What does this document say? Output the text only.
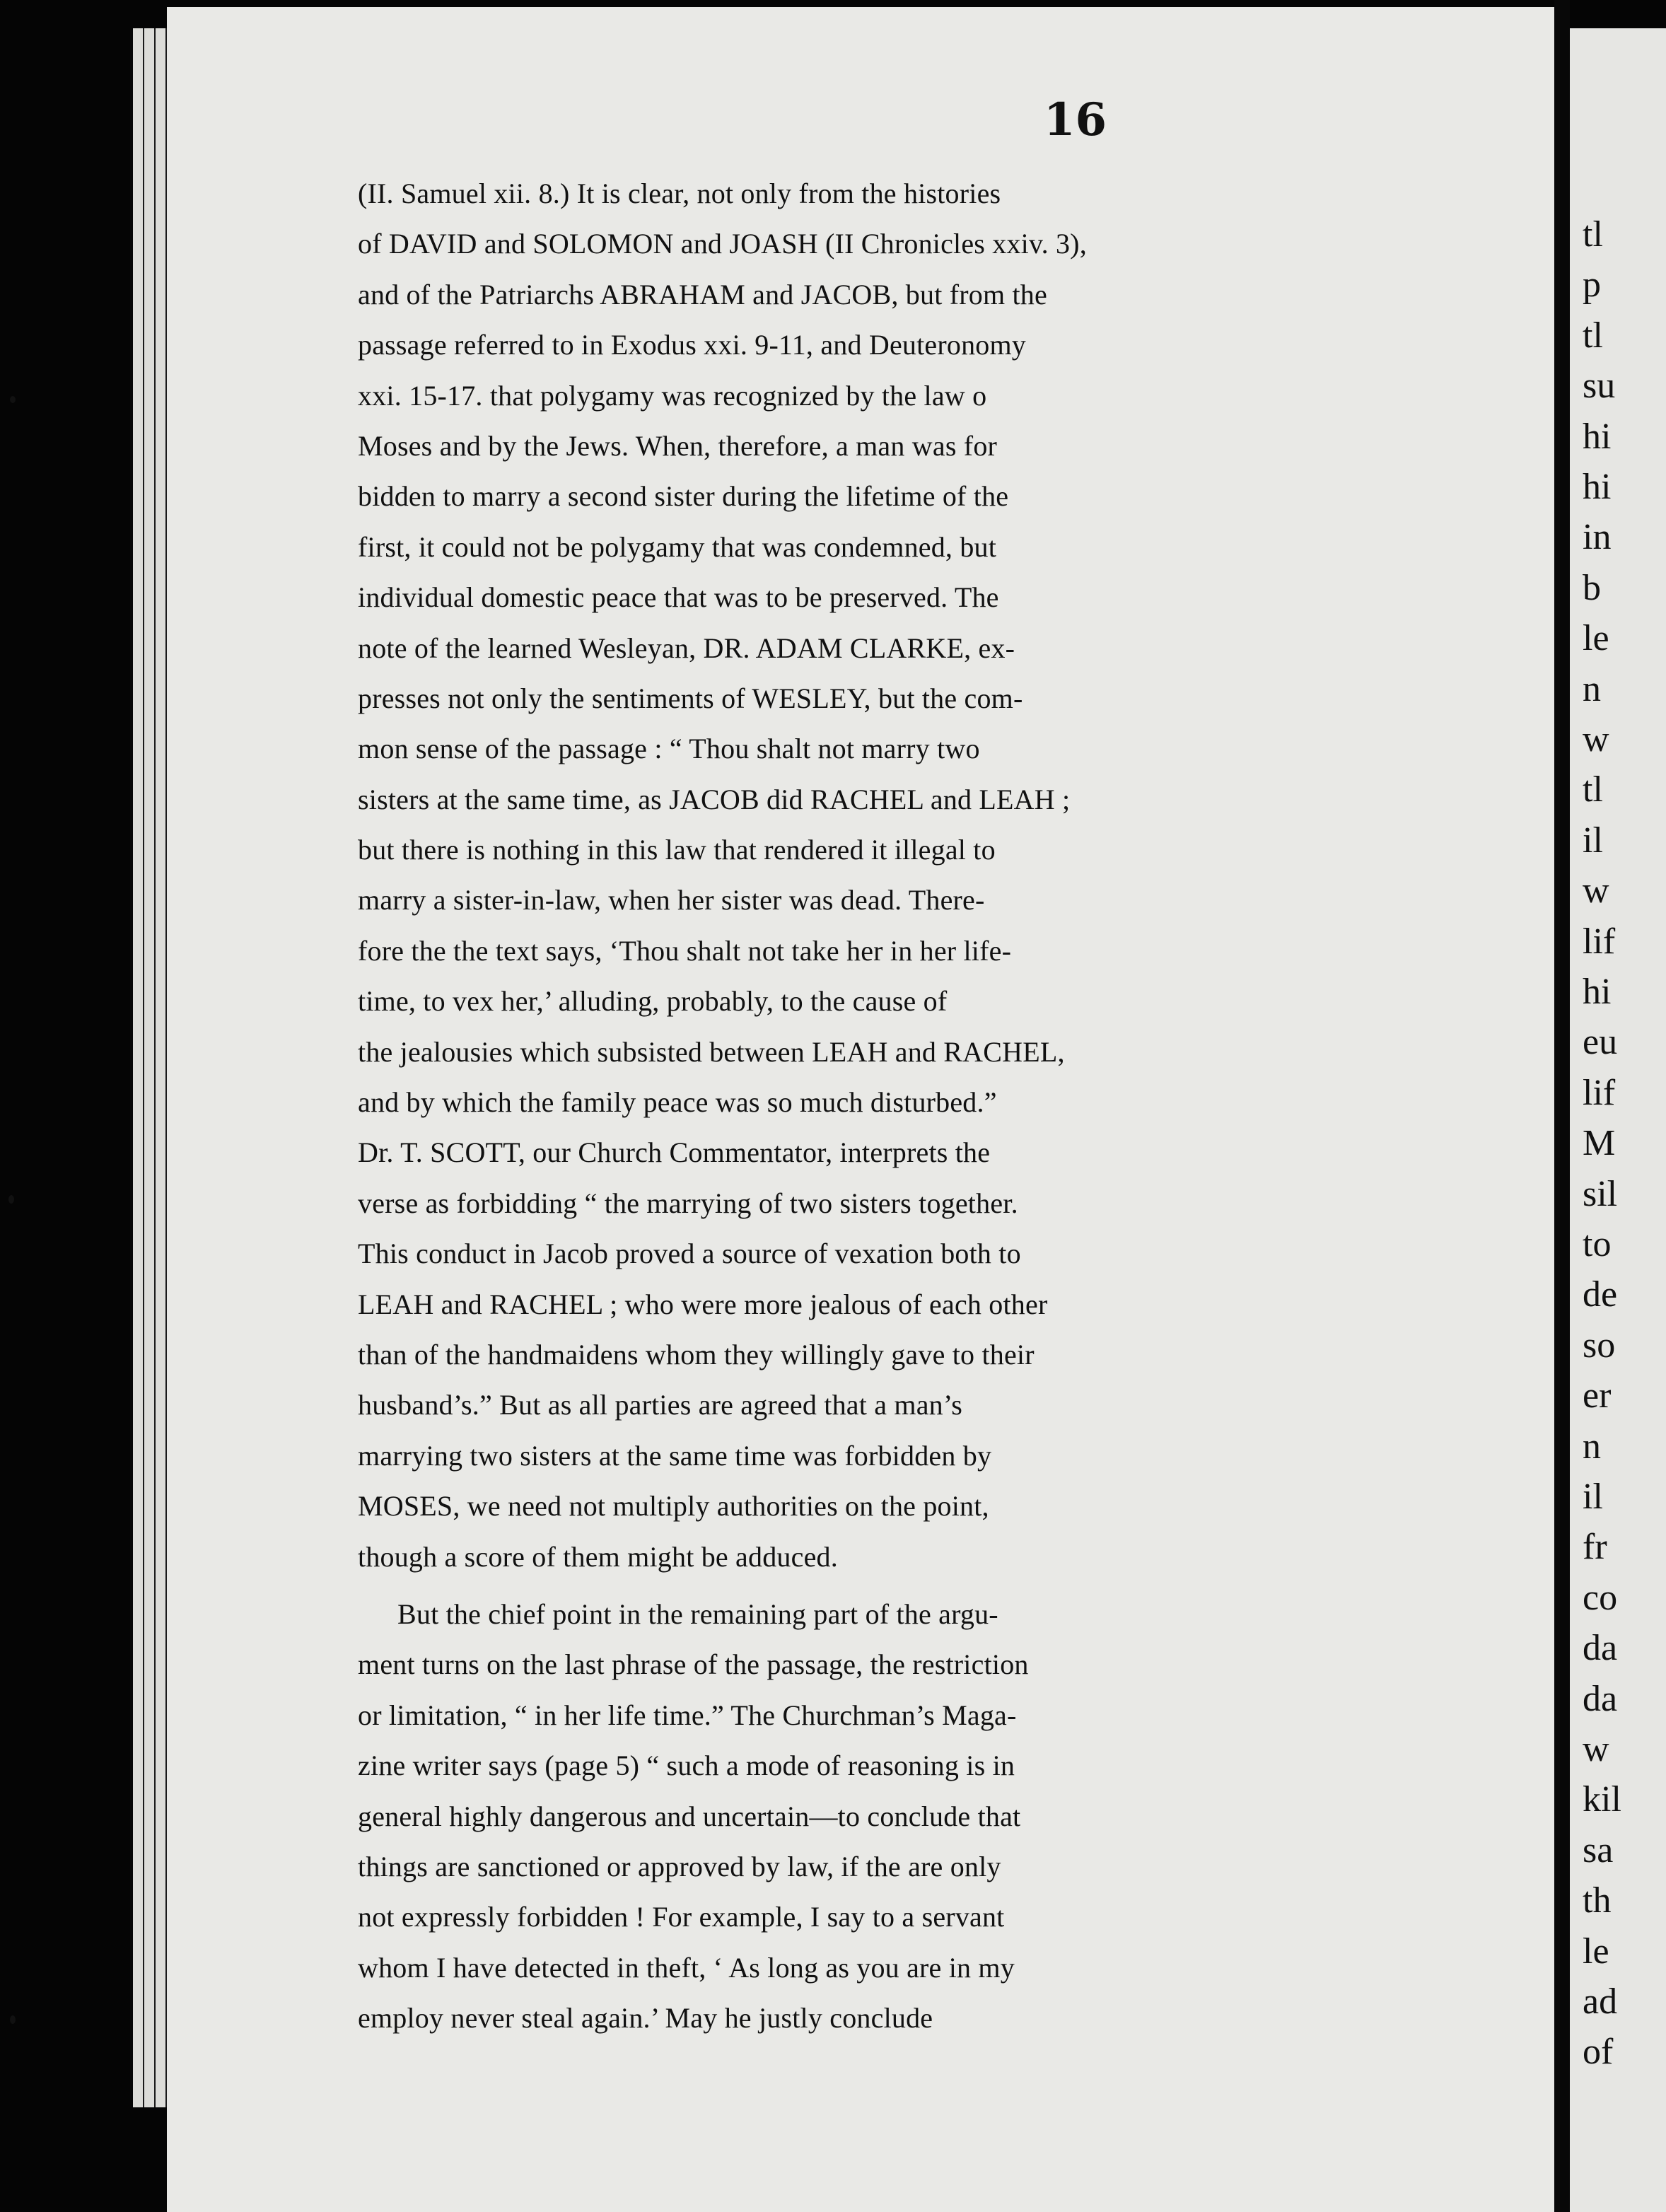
16
(II. Samuel xii. 8.) It is clear, not only from the histories
of DAVID and SOLOMON and JOASH (II Chronicles xxiv. 3),
and of the Patriarchs ABRAHAM and JACOB, but from the
passage referred to in Exodus xxi. 9-11, and Deuteronomy
xxi. 15-17. that polygamy was recognized by the law o
Moses and by the Jews. When, therefore, a man was for
bidden to marry a second sister during the lifetime of the
first, it could not be polygamy that was condemned, but
individual domestic peace that was to be preserved. The
note of the learned Wesleyan, DR. ADAM CLARKE, ex-
presses not only the sentiments of WESLEY, but the com-
mon sense of the passage : “ Thou shalt not marry two
sisters at the same time, as JACOB did RACHEL and LEAH ;
but there is nothing in this law that rendered it illegal to
marry a sister-in-law, when her sister was dead. There-
fore the the text says, ‘Thou shalt not take her in her life-
time, to vex her,’ alluding, probably, to the cause of
the jealousies which subsisted between LEAH and RACHEL,
and by which the family peace was so much disturbed.”
Dr. T. SCOTT, our Church Commentator, interprets the
verse as forbidding “ the marrying of two sisters together.
This conduct in Jacob proved a source of vexation both to
LEAH and RACHEL ; who were more jealous of each other
than of the handmaidens whom they willingly gave to their
husband’s.” But as all parties are agreed that a man’s
marrying two sisters at the same time was forbidden by
MOSES, we need not multiply authorities on the point,
though a score of them might be adduced.
But the chief point in the remaining part of the argu-
ment turns on the last phrase of the passage, the restriction
or limitation, “ in her life time.” The Churchman’s Maga-
zine writer says (page 5) “ such a mode of reasoning is in
general highly dangerous and uncertain—to conclude that
things are sanctioned or approved by law, if the are only
not expressly forbidden ! For example, I say to a servant
whom I have detected in theft, ‘ As long as you are in my
employ never steal again.’ May he justly conclude
tl
p
tl
su
hi
hi
in
b
le
n
w
tl
il
w
lif
hi
eu
lif
M
sil
to
de
so
er
n
il
fr
co
da
da
w
kil
sa
th
le
ad
of
